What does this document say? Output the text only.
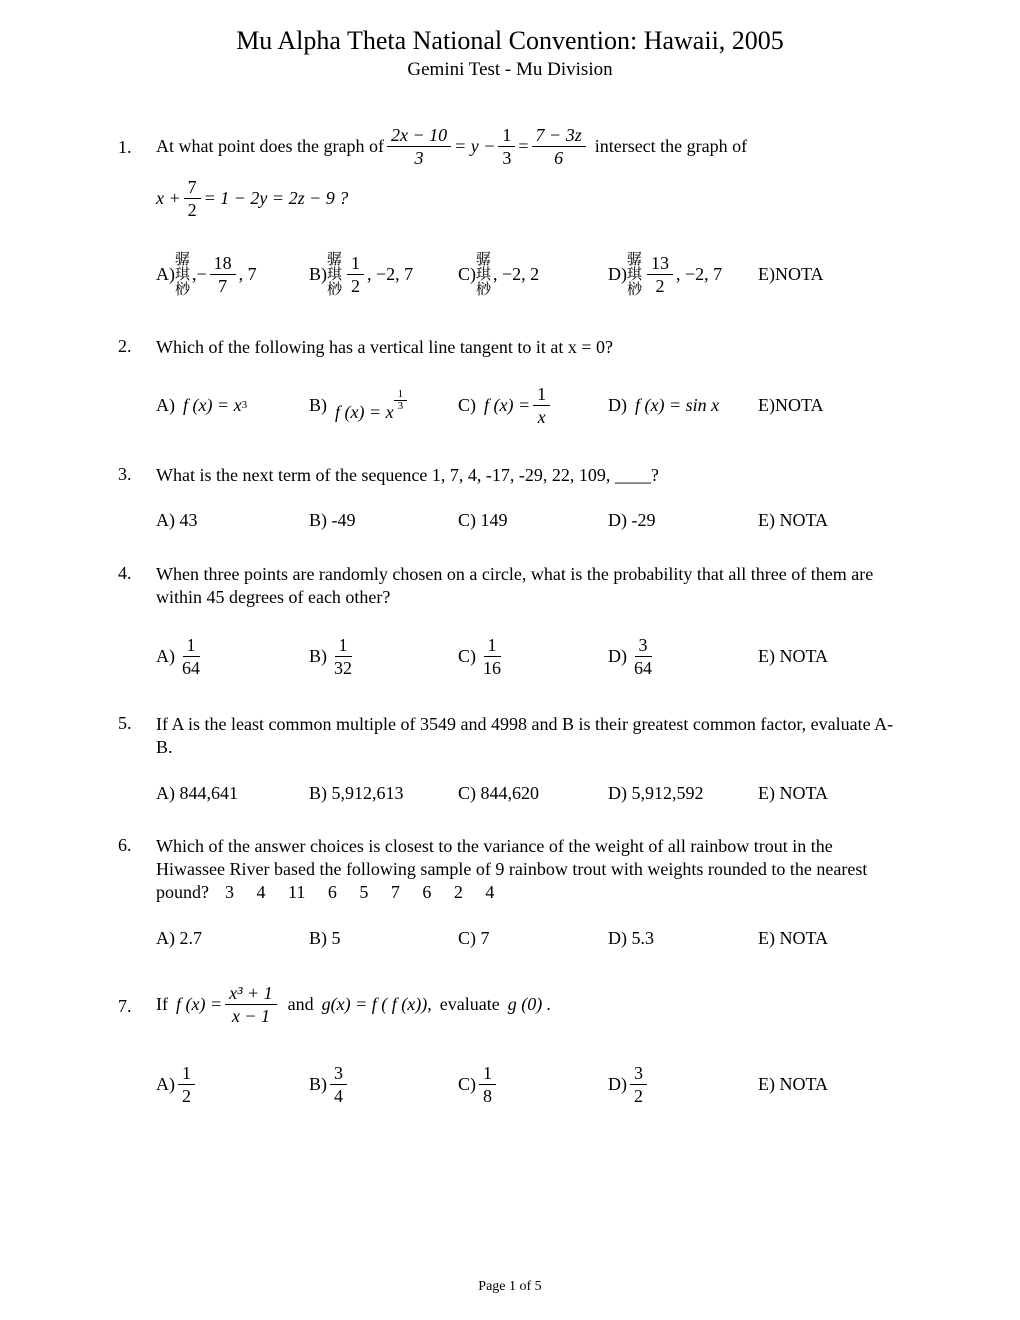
Mu Alpha Theta National Convention: Hawaii, 2005
Gemini Test - Mu Division
1. At what point does the graph of $\frac{2x - 10}{3} = y - \frac{1}{3} = \frac{7 - 3z}{6}$ intersect the graph of
$x + \frac{7}{2} = 1 - 2y = 2z - 9$ ?
A)
骣
琪
桫
,− $\frac{18}{7}$ , 7	B)
骣
琪
桫 $\frac{1}{2}$ , −2, 7 C)
骣
琪
桫
, −2, 2	D)
骣
琪
桫 $\frac{13}{2}$ , −2, 7 E)NOTA
2. Which of the following has a vertical line tangent to it at x = 0?
A) f (x) = x 3	B) f (x) = x $\frac{1}{3}$	C) f $(x) = \frac{1}{x}$	D) f (x) = sin x E)NOTA
3. What is the next term of the sequence 1, 7, 4, -17, -29, 22, 109, ____?
A) 43	B) -49	C) 149	D) -29	E) NOTA
4. When three points are randomly chosen on a circle, what is the probability that all three of them are within 45 degrees of each other?
$A) \frac{1}{64}$	$B) \frac{1}{32}$	$C) \frac{1}{16}$	$D) \frac{3}{64}$	E) NOTA
5. If A is the least common multiple of 3549 and 4998 and B is their greatest common factor, evaluate A-B.
A) 844,641	B) 5,912,613	C) 844,620	D) 5,912,592	E) NOTA
6. Which of the answer choices is closest to the variance of the weight of all rainbow trout in the Hiwassee River based the following sample of 9 rainbow trout with weights rounded to the nearest pound? 3 4 11 6 5 7 6 2 4
A) 2.7	B) 5	C) 7	D) 5.3	E) NOTA
7. If f $(x) = \frac{\text{x³ + 1}}{x - 1}$ and g(x) = f ( f (x)), evaluate g (0) .
$A) \frac{1}{2}$	$B) \frac{3}{4}$	$C) \frac{1}{8}$	$D) \frac{3}{2}$	E) NOTA
Page 1 of 5
